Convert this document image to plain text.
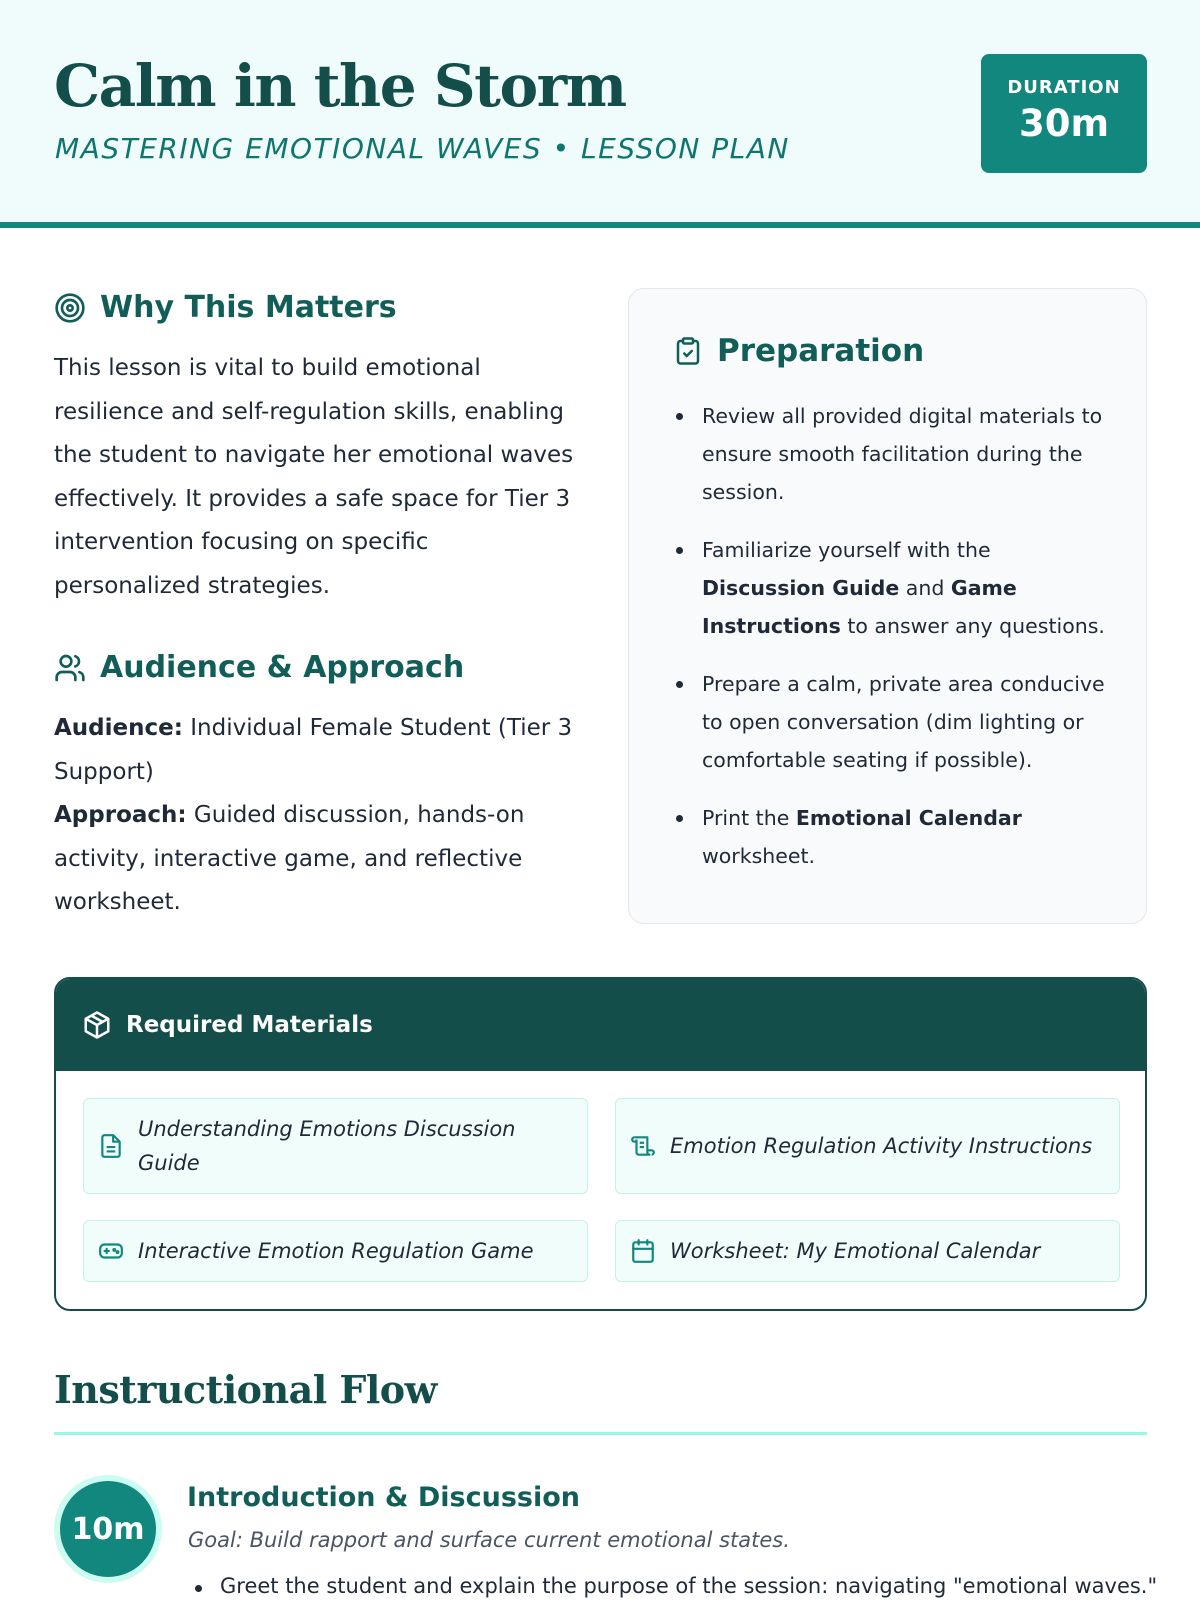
Calm in the Storm
MASTERING EMOTIONAL WAVES • LESSON PLAN
DURATION
30m
Why This Matters

This lesson is vital to build emotional resilience and self-regulation skills, enabling the student to navigate her emotional waves effectively. It provides a safe space for Tier 3 intervention focusing on specific personalized strategies.

Audience & Approach
Audience: Individual Female Student (Tier 3 Support)
Approach: Guided discussion, hands-on activity, interactive game, and reflective worksheet.
Preparation
Review all provided digital materials to ensure smooth facilitation during the session.
Familiarize yourself with the Discussion Guide and Game Instructions to answer any questions.
Prepare a calm, private area conducive to open conversation (dim lighting or comfortable seating if possible).
Print the Emotional Calendar worksheet.
Required Materials
Understanding Emotions Discussion Guide
Emotion Regulation Activity Instructions
Interactive Emotion Regulation Game	Worksheet: My Emotional Calendar
Instructional Flow
10m
Introduction & Discussion
Goal: Build rapport and surface current emotional states.
Greet the student and explain the purpose of the session: navigating "emotional waves."
